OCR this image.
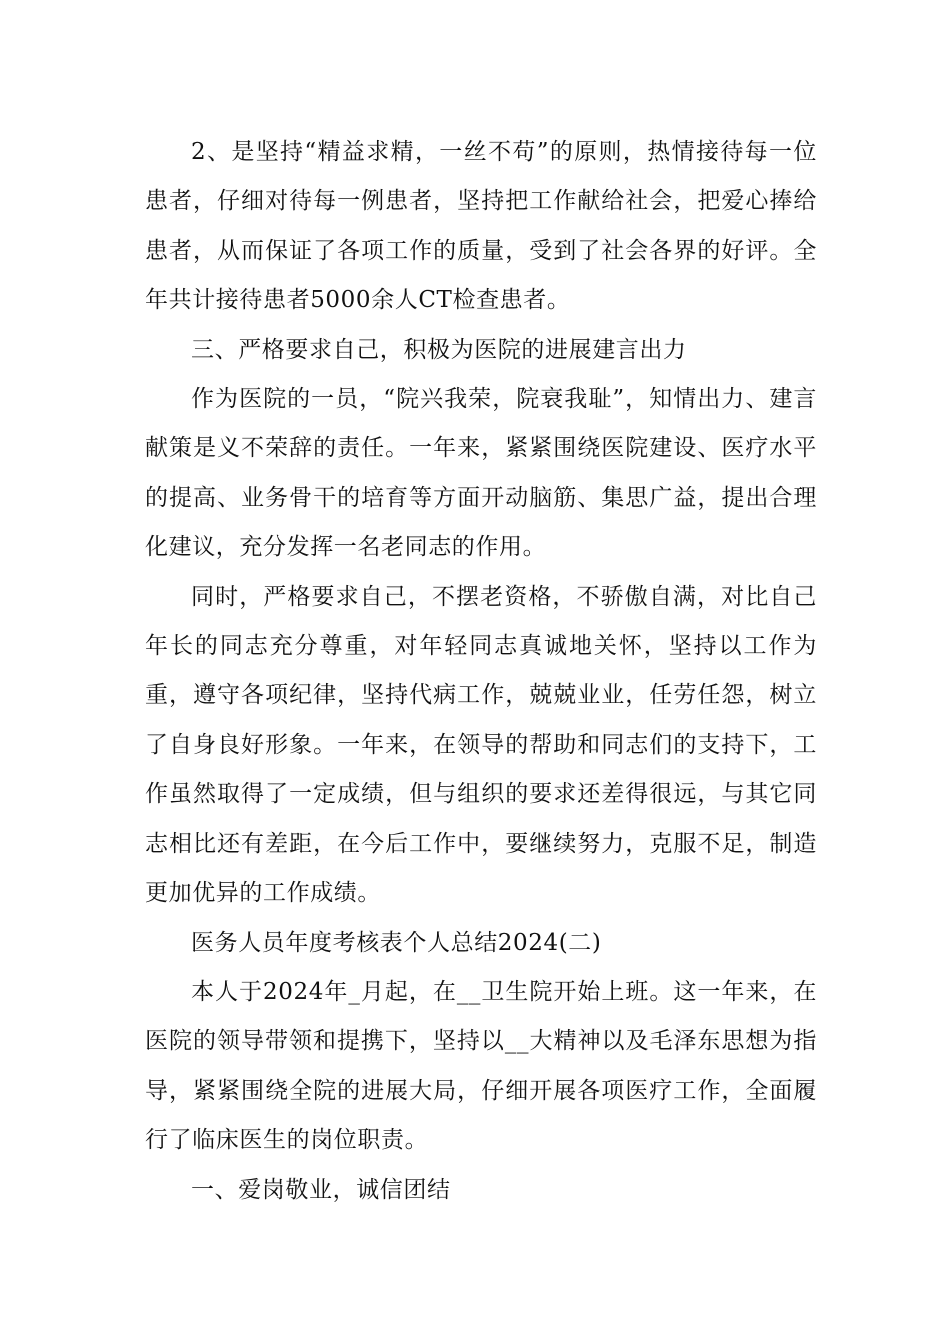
2、是坚持“精益求精，一丝不苟”的原则，热情接待每一位患者，仔细对待每一例患者，坚持把工作献给社会，把爱心捧给患者，从而保证了各项工作的质量，受到了社会各界的好评。全年共计接待患者5000余人CT检查患者。

三、严格要求自己，积极为医院的进展建言出力

作为医院的一员，“院兴我荣，院衰我耻”，知情出力、建言献策是义不荣辞的责任。一年来，紧紧围绕医院建设、医疗水平的提高、业务骨干的培育等方面开动脑筋、集思广益，提出合理化建议，充分发挥一名老同志的作用。

同时，严格要求自己，不摆老资格，不骄傲自满，对比自己年长的同志充分尊重，对年轻同志真诚地关怀，坚持以工作为重，遵守各项纪律，坚持代病工作，兢兢业业，任劳任怨，树立了自身良好形象。一年来，在领导的帮助和同志们的支持下，工作虽然取得了一定成绩，但与组织的要求还差得很远，与其它同志相比还有差距，在今后工作中，要继续努力，克服不足，制造更加优异的工作成绩。

医务人员年度考核表个人总结2024(二)

本人于2024年_月起，在__卫生院开始上班。这一年来，在医院的领导带领和提携下，坚持以__大精神以及毛泽东思想为指导，紧紧围绕全院的进展大局，仔细开展各项医疗工作，全面履行了临床医生的岗位职责。

一、爱岗敬业，诚信团结
